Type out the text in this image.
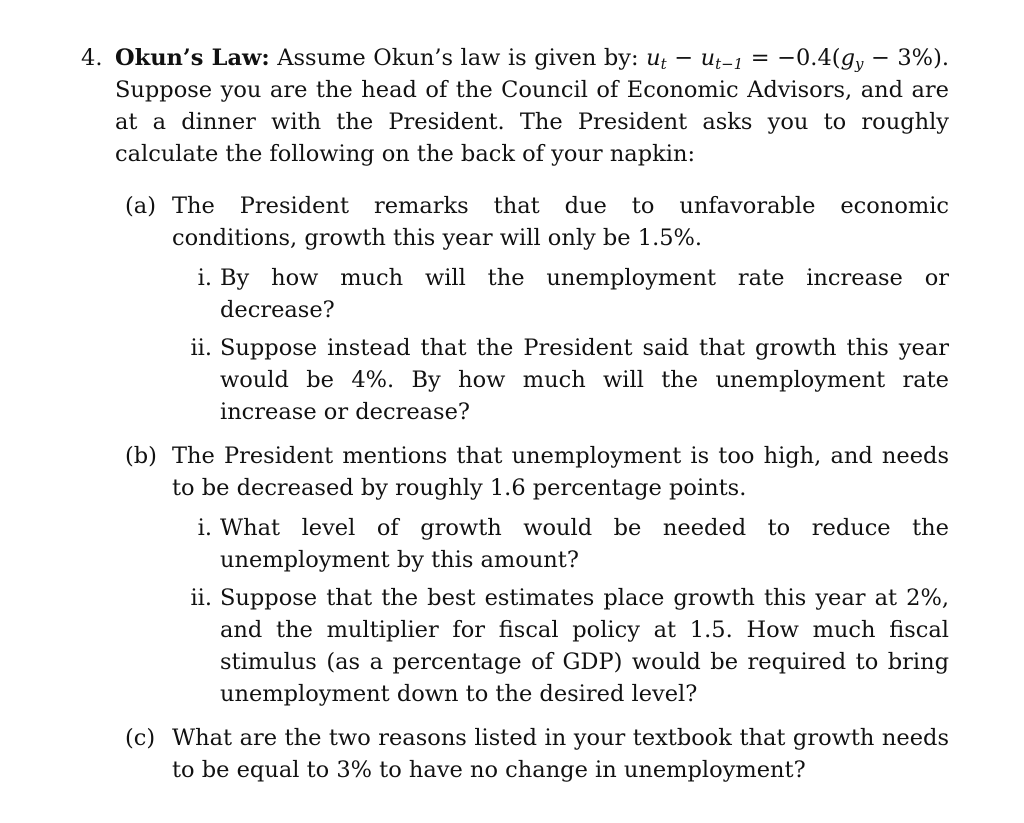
4. Okun’s Law: Assume Okun’s law is given by: $u_t - u_{t-1} = -0.4(g_y - 3\%)$. Suppose you are the head of the Council of Economic Advisors, and are at a dinner with the President. The President asks you to roughly calculate the following on the back of your napkin:
(a) The President remarks that due to unfavorable economic conditions, growth this year will only be 1.5%.
i. By how much will the unemployment rate increase or decrease?
ii. Suppose instead that the President said that growth this year would be 4%. By how much will the unemployment rate increase or decrease?
(b) The President mentions that unemployment is too high, and needs to be decreased by roughly 1.6 percentage points.
i. What level of growth would be needed to reduce the unemployment by this amount?
ii. Suppose that the best estimates place growth this year at 2%, and the multiplier for fiscal policy at 1.5. How much fiscal stimulus (as a percentage of GDP) would be required to bring unemployment down to the desired level?
(c) What are the two reasons listed in your textbook that growth needs to be equal to 3% to have no change in unemployment?
